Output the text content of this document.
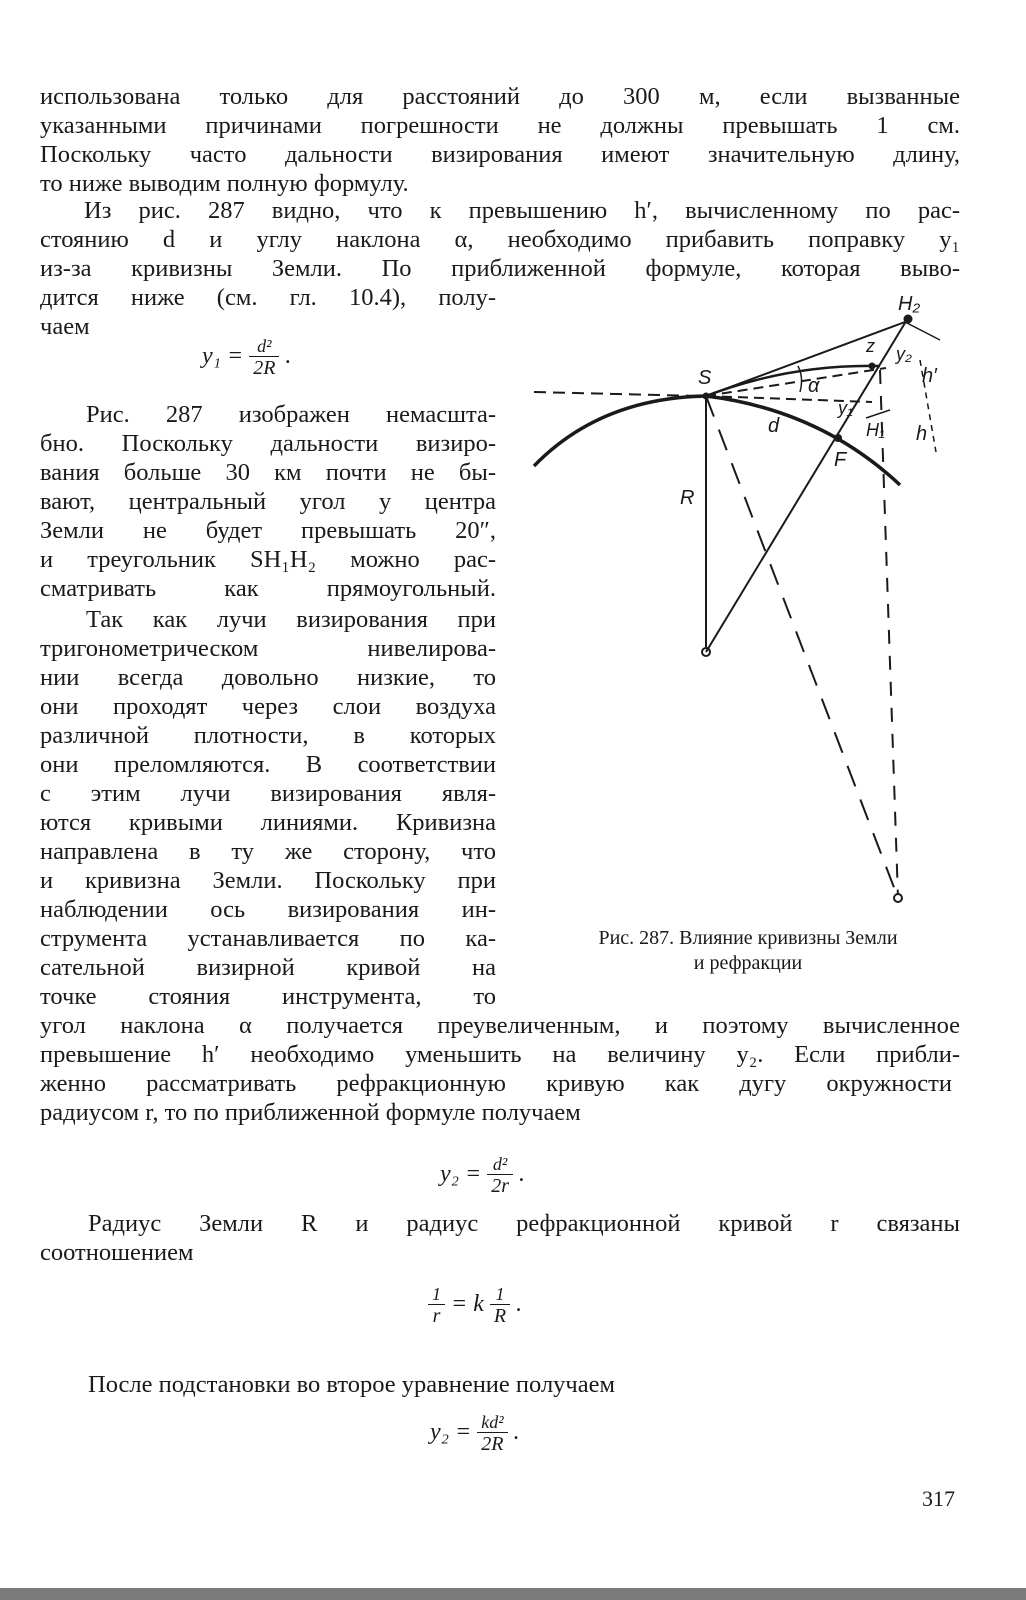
использована только для расстояний до 300 м, если вызванные
указанными причинами погрешности не должны превышать 1 см.
Поскольку часто дальности визирования имеют значительную длину,
то ниже выводим полную формулу.
Из рис. 287 видно, что к превышению h′, вычисленному по рас-
стоянию d и углу наклона α, необходимо прибавить поправку y₁
из-за кривизны Земли. По приближенной формуле, которая выво-
дится ниже (см. гл. 10.4), полу-
чаем
$y_1 = \frac{\text{d²}}{2R}$ .
Рис. 287 изображен немасшта-
бно. Поскольку дальности визиро-
вания больше 30 км почти не бы-
вают, центральный угол у центра
Земли не будет превышать 20″,
и треугольник SH₁H₂ можно рас-
сматривать как прямоугольный.
Так как лучи визирования при
тригонометрическом нивелирова-
нии всегда довольно низкие, то
они проходят через слои воздуха
различной плотности, в которых
они преломляются. В соответствии
с этим лучи визирования явля-
ются кривыми линиями. Кривизна
направлена в ту же сторону, что
и кривизна Земли. Поскольку при
наблюдении ось визирования ин-
струмента устанавливается по ка-
сательной визирной кривой на
точке стояния инструмента, то
угол наклона α получается преувеличенным, и поэтому вычисленное
превышение h′ необходимо уменьшить на величину y₂. Если прибли-
женно рассматривать рефракционную кривую как дугу окружности
радиусом r, то по приближенной формуле получаем
$y_2 = \frac{\text{d²}}{2r}$ .
Радиус Земли R и радиус рефракционной кривой r связаны
соотношением
$\frac{1}{r} = k \frac{1}{R}$ .
После подстановки во второе уравнение получаем
$y_2 = \frac{\text{kd²}}{2R}$ .
H₂
S	α
z y₂
h′
y₁
H₁ h
d
F
R
Рис. 287. Влияние кривизны Земли
и рефракции
317
